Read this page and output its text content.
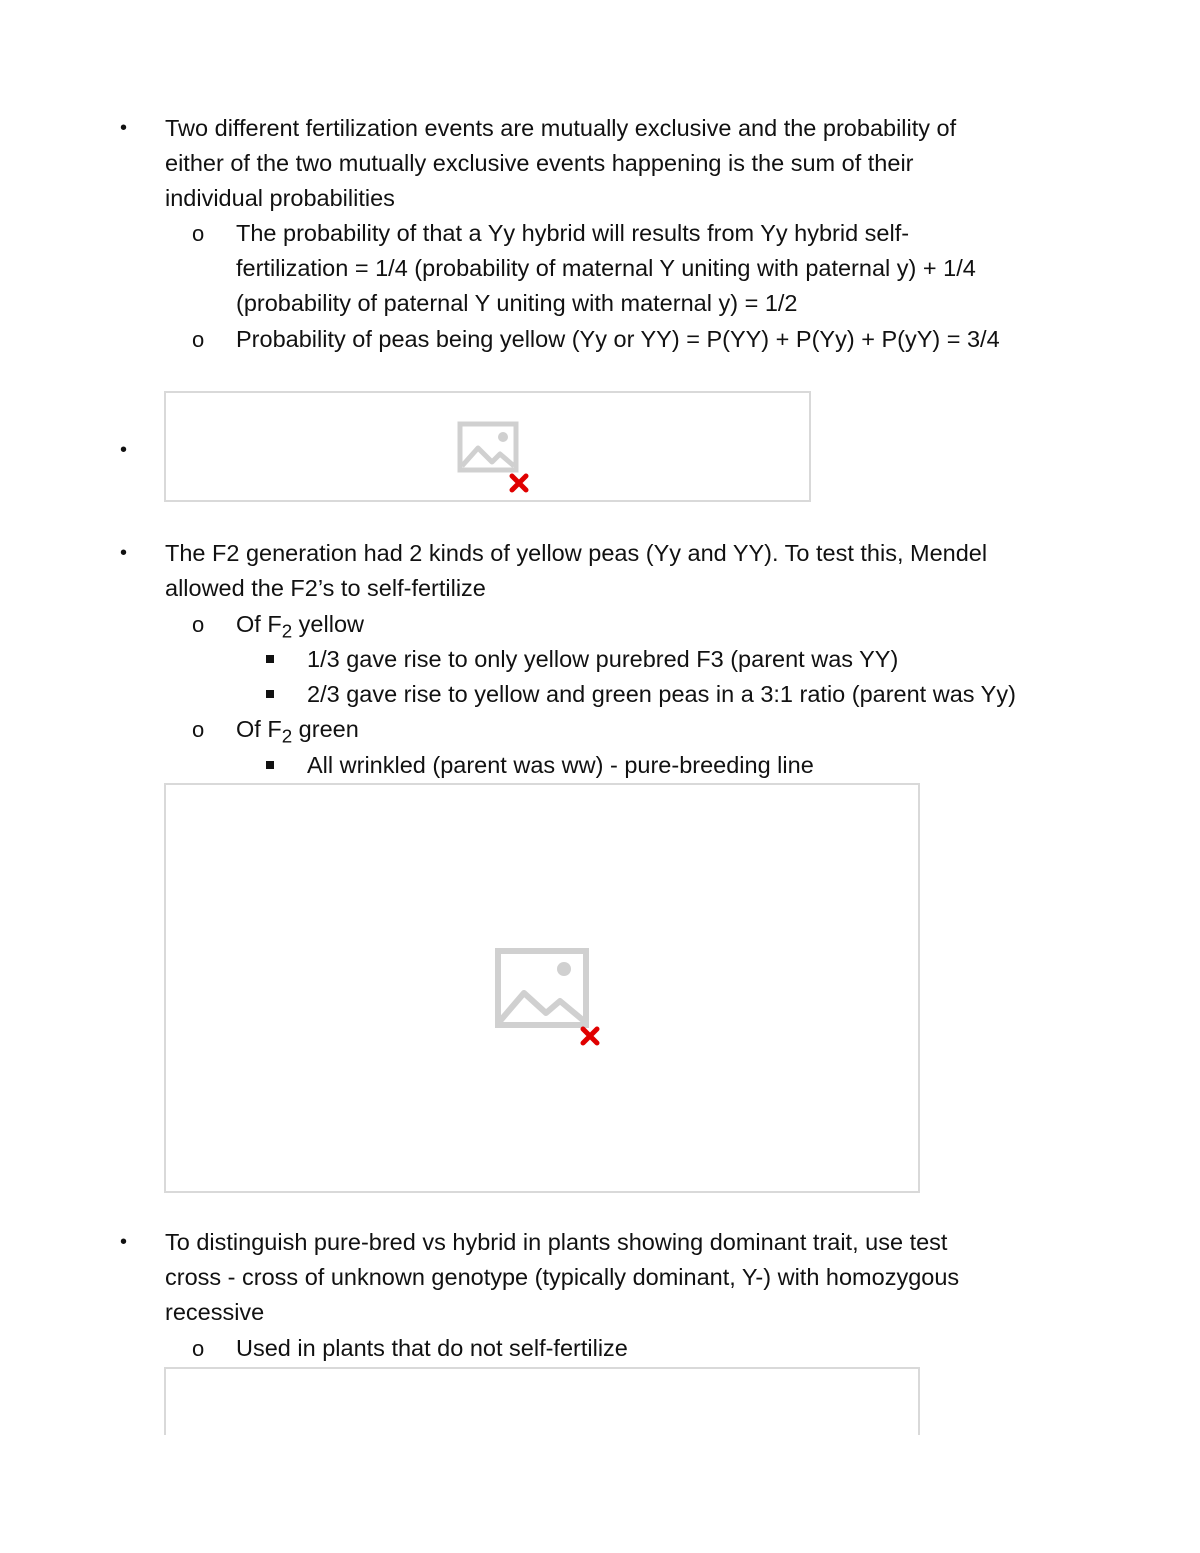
• Two different fertilization events are mutually exclusive and the probability of
either of the two mutually exclusive events happening is the sum of their
individual probabilities
o The probability of that a Yy hybrid will results from Yy hybrid self-
fertilization = 1/4 (probability of maternal Y uniting with paternal y) + 1/4
(probability of paternal Y uniting with maternal y) = 1/2
o Probability of peas being yellow (Yy or YY) = P(YY) + P(Yy) + P(yY) = 3/4
•
• The F2 generation had 2 kinds of yellow peas (Yy and YY). To test this, Mendel
allowed the F2’s to self-fertilize
o Of $F_2$ yellow
1/3 gave rise to only yellow purebred F3 (parent was YY)
2/3 gave rise to yellow and green peas in a 3:1 ratio (parent was Yy)
o Of $F_2$ green
All wrinkled (parent was ww) - pure-breeding line
• To distinguish pure-bred vs hybrid in plants showing dominant trait, use test
cross - cross of unknown genotype (typically dominant, Y-) with homozygous
recessive
o Used in plants that do not self-fertilize
